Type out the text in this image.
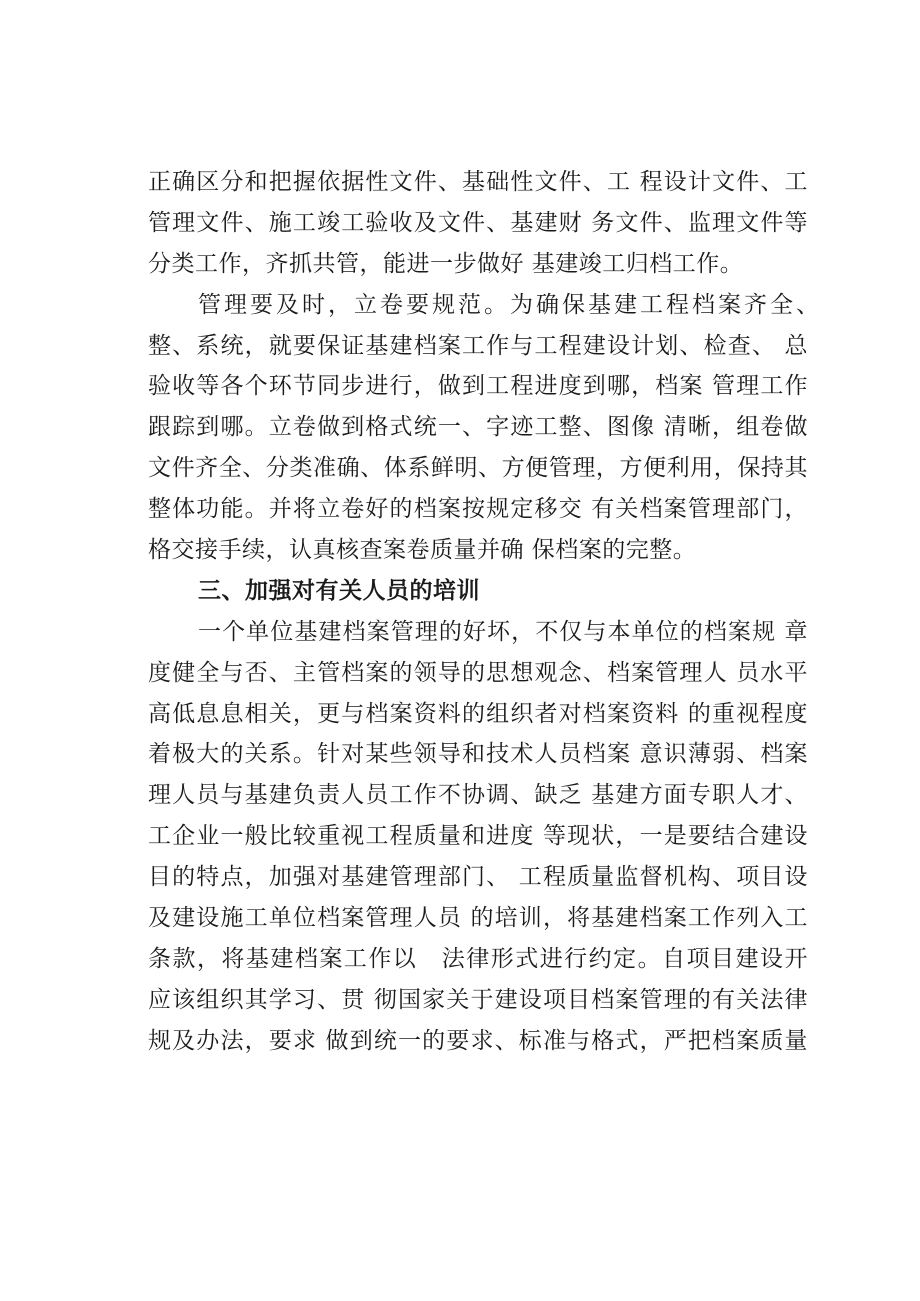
正确区分和把握依据性文件、基础性文件、工 程设计文件、工
管理文件、施工竣工验收及文件、基建财 务文件、监理文件等
分类工作，齐抓共管，能进一步做好 基建竣工归档工作。
管理要及时，立卷要规范。为确保基建工程档案齐全、　　
整、系统，就要保证基建档案工作与工程建设计划、检查、 总
验收等各个环节同步进行，做到工程进度到哪，档案 管理工作
跟踪到哪。立卷做到格式统一、字迹工整、图像 清晰，组卷做
文件齐全、分类准确、体系鲜明、方便管理，方便利用，保持其
整体功能。并将立卷好的档案按规定移交 有关档案管理部门，
格交接手续，认真核查案卷质量并确 保档案的完整。
三、加强对有关人员的培训
一个单位基建档案管理的好坏，不仅与本单位的档案规 章
度健全与否、主管档案的领导的思想观念、档案管理人 员水平
高低息息相关，更与档案资料的组织者对档案资料 的重视程度
着极大的关系。针对某些领导和技术人员档案 意识薄弱、档案
理人员与基建负责人员工作不协调、缺乏 基建方面专职人才、
工企业一般比较重视工程质量和进度 等现状，一是要结合建设
目的特点，加强对基建管理部门、 工程质量监督机构、项目设
及建设施工单位档案管理人员 的培训，将基建档案工作列入工
条款，将基建档案工作以　法律形式进行约定。自项目建设开
应该组织其学习、贯 彻国家关于建设项目档案管理的有关法律
规及办法，要求 做到统一的要求、标准与格式，严把档案质量
